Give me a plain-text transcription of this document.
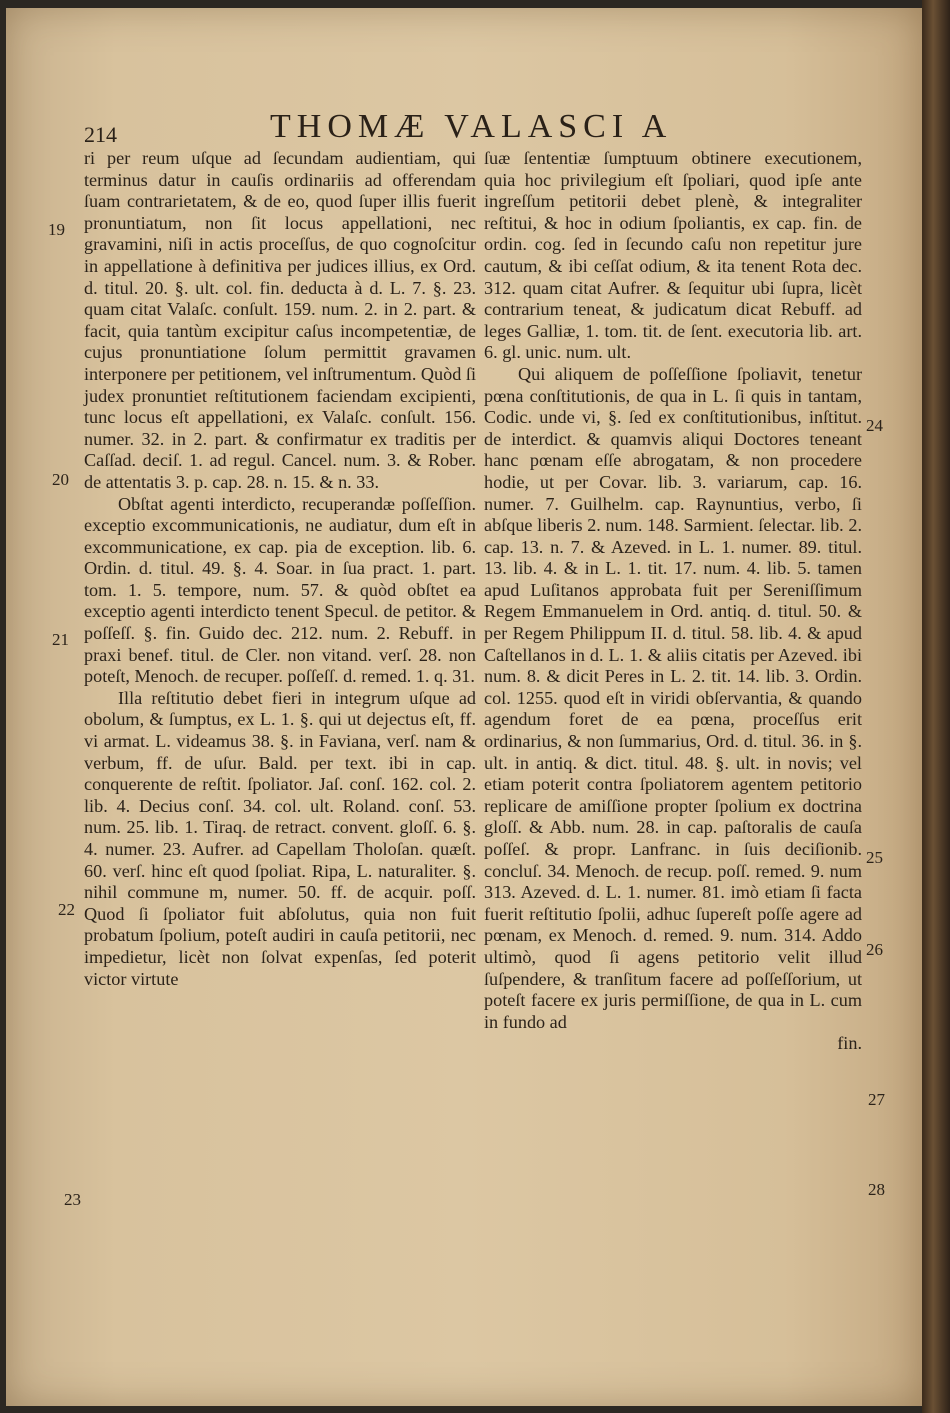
214	THOMÆ VALASCI A

ri per reum uſque ad ſecundam audientiam, qui terminus datur in cauſis ordinariis ad offerendam ſuam contrarietatem, & de eo, quod ſuper illis fuerit pronuntiatum, non ſit locus appellationi, nec gravamini, niſi in actis proceſſus, de quo cognoſcitur in appellatione à definitiva per judices illius, ex Ord. d. titul. 20. §. ult. col. fin. deducta à d. L. 7. §. 23. quam citat Valaſc. conſult. 159. num. 2. in 2. part. & facit, quia tantùm excipitur caſus incompetentiæ, de cujus pronuntiatione ſolum permittit gravamen interponere per petitionem, vel inſtrumentum. Quòd ſi judex pronuntiet reſtitutionem faciendam excipienti, tunc locus eſt appellationi, ex Valaſc. conſult. 156. numer. 32. in 2. part. & confirmatur ex traditis per Caſſad. deciſ. 1. ad regul. Cancel. num. 3. & Rober. de attentatis 3. p. cap. 28. n. 15. & n. 33.

Obſtat agenti interdicto, recuperandæ poſſeſſion. exceptio excommunicationis, ne audiatur, dum eſt in excommunicatione, ex cap. pia de exception. lib. 6. Ordin. d. titul. 49. §. 4. Soar. in ſua pract. 1. part. tom. 1. 5. tempore, num. 57. & quòd obſtet ea exceptio agenti interdicto tenent Specul. de petitor. & poſſeſſ. §. fin. Guido dec. 212. num. 2. Rebuff. in praxi benef. titul. de Cler. non vitand. verſ. 28. non poteſt, Menoch. de recuper. poſſeſſ. d. remed. 1. q. 31.

Illa reſtitutio debet fieri in integrum uſque ad obolum, & ſumptus, ex L. 1. §. qui ut dejectus eſt, ff. vi armat. L. videamus 38. §. in Faviana, verſ. nam & verbum, ff. de uſur. Bald. per text. ibi in cap. conquerente de reſtit. ſpoliator. Jaſ. conſ. 162. col. 2. lib. 4. Decius conſ. 34. col. ult. Roland. conſ. 53. num. 25. lib. 1. Tiraq. de retract. convent. gloſſ. 6. §. 4. numer. 23. Aufrer. ad Capellam Tholoſan. quæſt. 60. verſ. hinc eſt quod ſpoliat. Ripa, L. naturaliter. §. nihil commune m, numer. 50. ff. de acquir. poſſ. Quod ſi ſpoliator fuit abſolutus, quia non fuit probatum ſpolium, poteſt audiri in cauſa petitorii, nec impedietur, licèt non ſolvat expenſas, ſed poterit victor virtute

ſuæ ſententiæ ſumptuum obtinere executionem, quia hoc privilegium eſt ſpoliari, quod ipſe ante ingreſſum petitorii debet plenè, & integraliter reſtitui, & hoc in odium ſpoliantis, ex cap. fin. de ordin. cog. ſed in ſecundo caſu non repetitur jure cautum, & ibi ceſſat odium, & ita tenent Rota dec. 312. quam citat Aufrer. & ſequitur ubi ſupra, licèt contrarium teneat, & judicatum dicat Rebuff. ad leges Galliæ, 1. tom. tit. de ſent. executoria lib. art. 6. gl. unic. num. ult.

Qui aliquem de poſſeſſione ſpoliavit, tenetur pœna conſtitutionis, de qua in L. ſi quis in tantam, Codic. unde vi, §. ſed ex conſtitutionibus, inſtitut. de interdict. & quamvis aliqui Doctores teneant hanc pœnam eſſe abrogatam, & non procedere hodie, ut per Covar. lib. 3. variarum, cap. 16. numer. 7. Guilhelm. cap. Raynuntius, verbo, ſi abſque liberis 2. num. 148. Sarmient. ſelectar. lib. 2. cap. 13. n. 7. & Azeved. in L. 1. numer. 89. titul. 13. lib. 4. & in L. 1. tit. 17. num. 4. lib. 5. tamen apud Luſitanos approbata fuit per Sereniſſimum Regem Emmanuelem in Ord. antiq. d. titul. 50. & per Regem Philippum II. d. titul. 58. lib. 4. & apud Caſtellanos in d. L. 1. & aliis citatis per Azeved. ibi num. 8. & dicit Peres in L. 2. tit. 14. lib. 3. Ordin. col. 1255. quod eſt in viridi obſervantia, & quando agendum foret de ea pœna, proceſſus erit ordinarius, & non ſummarius, Ord. d. titul. 36. in §. ult. in antiq. & dict. titul. 48. §. ult. in novis; vel etiam poterit contra ſpoliatorem agentem petitorio replicare de amiſſione propter ſpolium ex doctrina gloſſ. & Abb. num. 28. in cap. paſtoralis de cauſa poſſeſ. & propr. Lanfranc. in ſuis deciſionib. concluſ. 34. Menoch. de recup. poſſ. remed. 9. num 313. Azeved. d. L. 1. numer. 81. imò etiam ſi facta fuerit reſtitutio ſpolii, adhuc ſupereſt poſſe agere ad pœnam, ex Menoch. d. remed. 9. num. 314. Addo ultimò, quod ſi agens petitorio velit illud ſuſpendere, & tranſitum facere ad poſſeſſorium, ut poteſt facere ex juris permiſſione, de qua in L. cum in fundo ad

fin.

19
20
21
22
23
24
25
26
27
28
